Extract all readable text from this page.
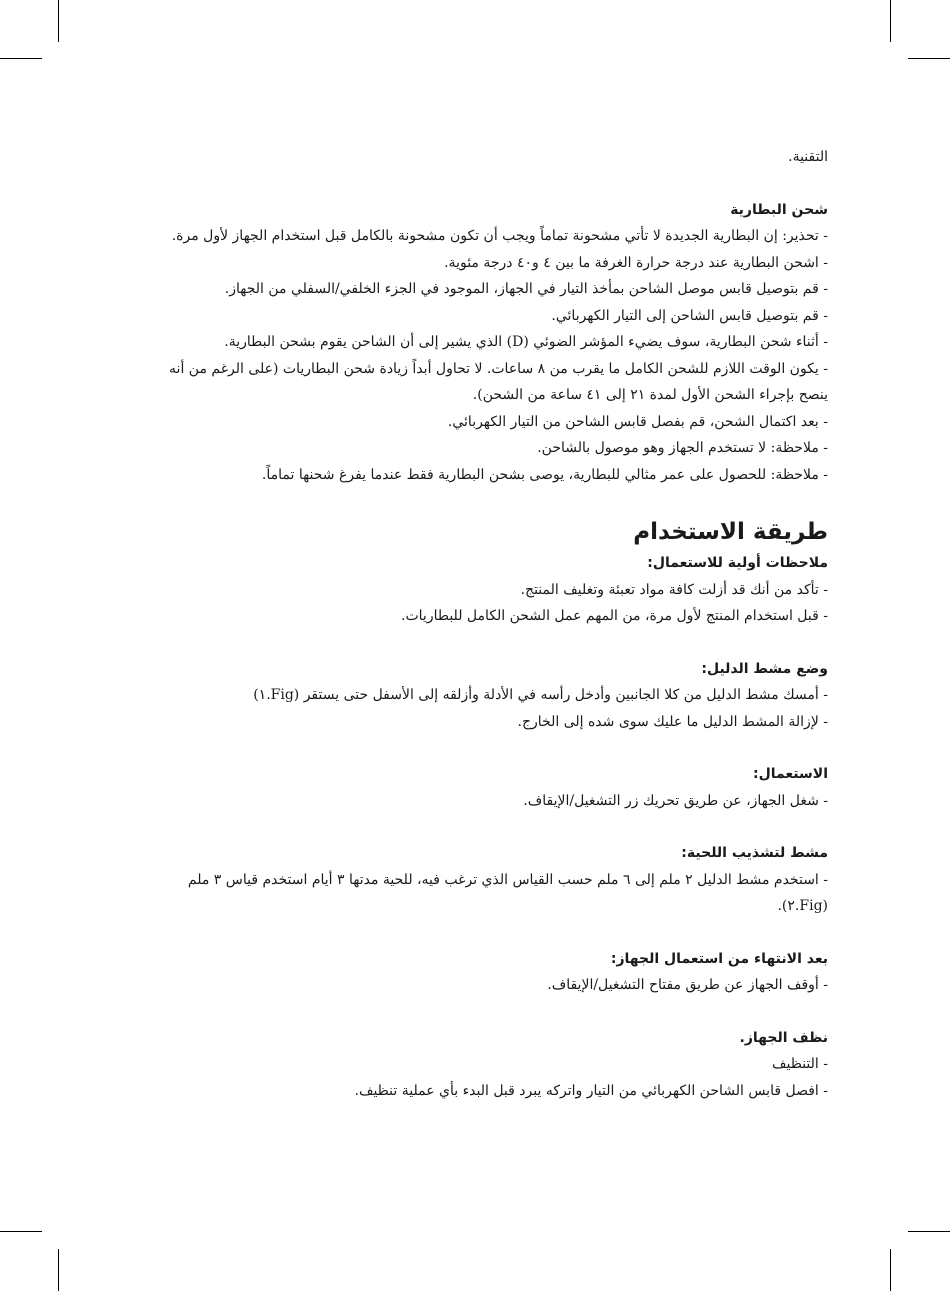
التقنية.

شحن البطارية

- تحذير: إن البطارية الجديدة لا تأتي مشحونة تماماً ويجب أن تكون مشحونة بالكامل قبل استخدام الجهاز لأول مرة.

- اشحن البطارية عند درجة حرارة الغرفة ما بين ٤ و٤٠ درجة مئوية.

- قم بتوصيل قابس موصل الشاحن بمأخذ التيار في الجهاز، الموجود في الجزء الخلفي/السفلي من الجهاز.

- قم بتوصيل قابس الشاحن إلى التيار الكهربائي.

- أثناء شحن البطارية، سوف يضيء المؤشر الضوئي (D) الذي يشير إلى أن الشاحن يقوم بشحن البطارية.

- يكون الوقت اللازم للشحن الكامل ما يقرب من ٨ ساعات. لا تحاول أبداً زيادة شحن البطاريات (على الرغم من أنه ينصح بإجراء الشحن الأول لمدة ٢١ إلى ٤١ ساعة من الشحن).

- بعد اكتمال الشحن، قم بفصل قابس الشاحن من التيار الكهربائي.

- ملاحظة: لا تستخدم الجهاز وهو موصول بالشاحن.

- ملاحظة: للحصول على عمر مثالي للبطارية، يوصى بشحن البطارية فقط عندما يفرغ شحنها تماماً.

طريقة الاستخدام

ملاحظات أولية للاستعمال:

- تأكد من أنك قد أزلت كافة مواد تعبئة وتغليف المنتج.

- قبل استخدام المنتج لأول مرة، من المهم عمل الشحن الكامل للبطاريات.

وضع مشط الدليل:

- أمسك مشط الدليل من كلا الجانبين وأدخل رأسه في الأدلة وأزلقه إلى الأسفل حتى يستقر (Fig.١)

- لإزالة المشط الدليل ما عليك سوى شده إلى الخارج.

الاستعمال:

- شغل الجهاز، عن طريق تحريك زر التشغيل/الإيقاف.

مشط لتشذيب اللحية:

- استخدم مشط الدليل ٢ ملم إلى ٦ ملم حسب القياس الذي ترغب فيه، للحية مدتها ٣ أيام استخدم قياس ٣ ملم (Fig.٢).

بعد الانتهاء من استعمال الجهاز:

- أوقف الجهاز عن طريق مفتاح التشغيل/الإيقاف.

نظف الجهاز.

- التنظيف

- افصل قابس الشاحن الكهربائي من التيار واتركه يبرد قبل البدء بأي عملية تنظيف.
